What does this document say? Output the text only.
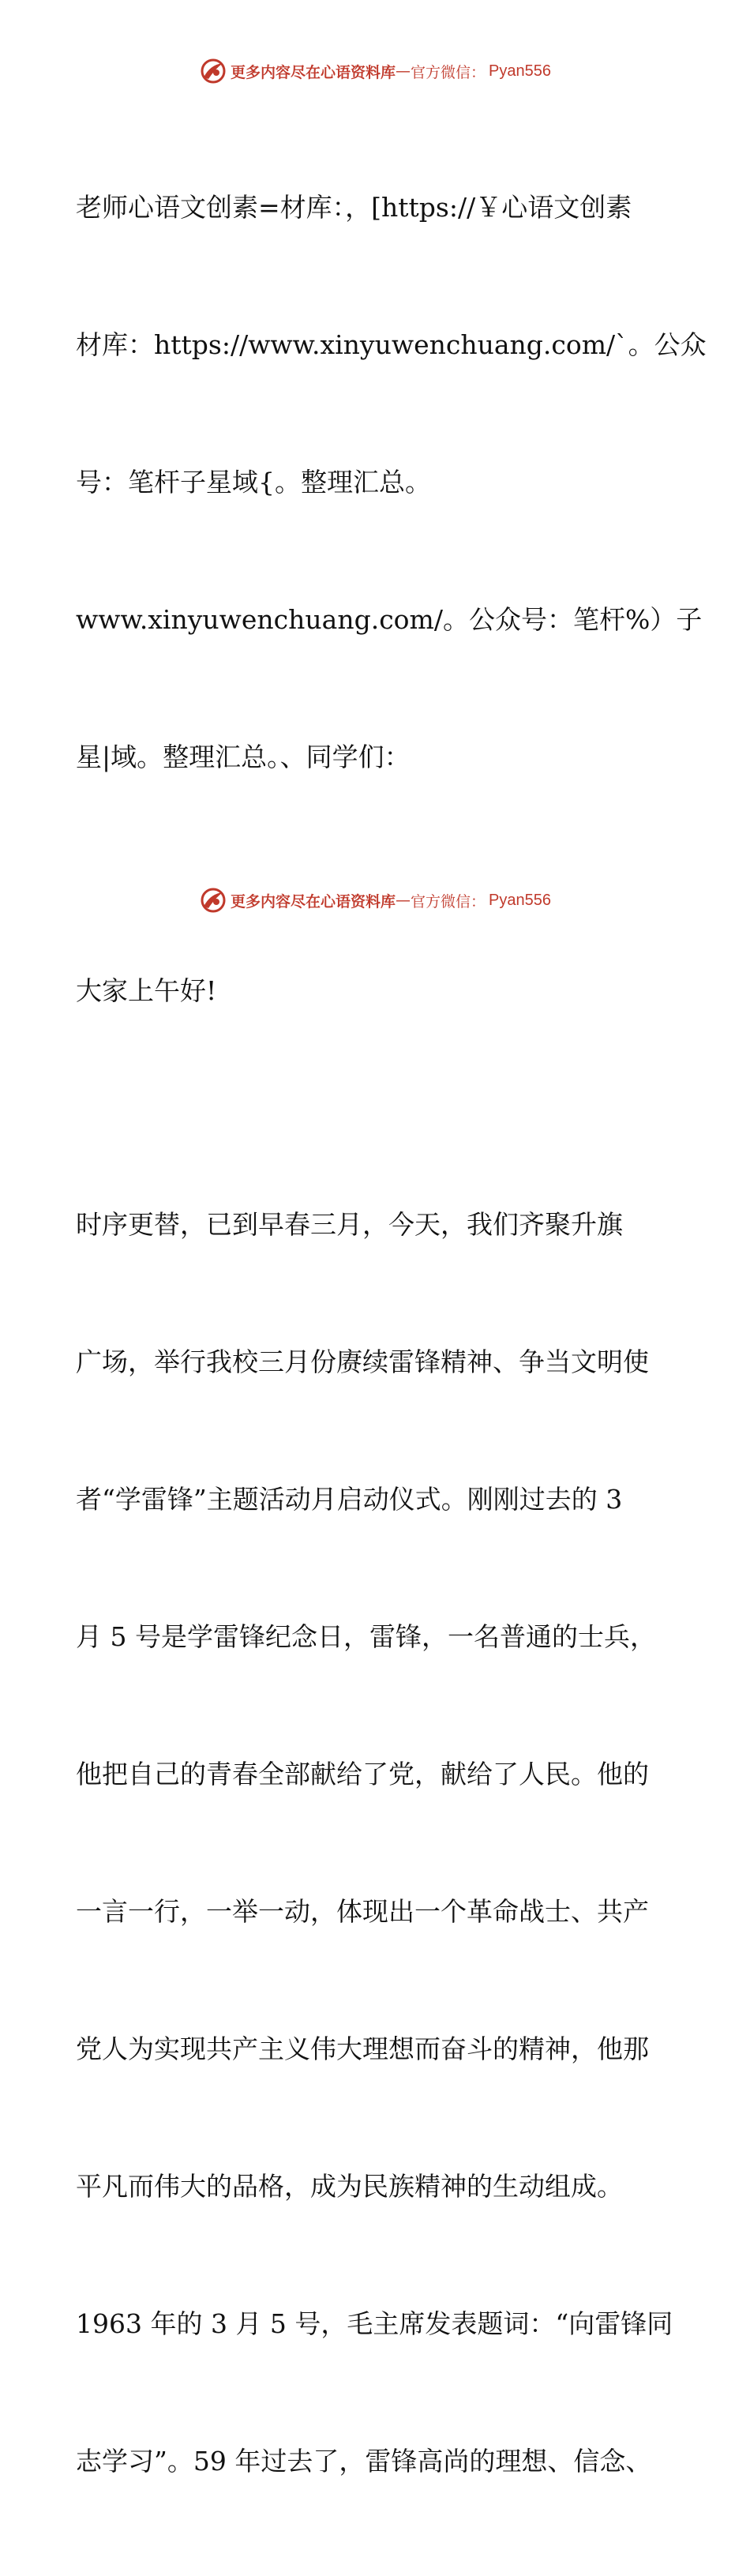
更多内容尽在心语资料库 — 官方微信： Pyan556

老师心语文创素=材库：，[https://￥心语文创素

材库：https://www.xinyuwenchuang.com/`。公众

号：笔杆子星域{。整理汇总。

www.xinyuwenchuang.com/。公众号：笔杆%）子

星|域。整理汇总。、同学们：

大家上午好!

时序更替，已到早春三月，今天，我们齐聚升旗

广场，举行我校三月份赓续雷锋精神、争当文明使

者“学雷锋”主题活动月启动仪式。刚刚过去的 3

月 5 号是学雷锋纪念日，雷锋，一名普通的士兵，

他把自己的青春全部献给了党，献给了人民。他的

一言一行，一举一动，体现出一个革命战士、共产

党人为实现共产主义伟大理想而奋斗的精神，他那

平凡而伟大的品格，成为民族精神的生动组成。

1963 年的 3 月 5 号，毛主席发表题词：“向雷锋同

志学习”。59 年过去了，雷锋高尚的理想、信念、

更多内容尽在心语资料库 — 官方微信： Pyan556
